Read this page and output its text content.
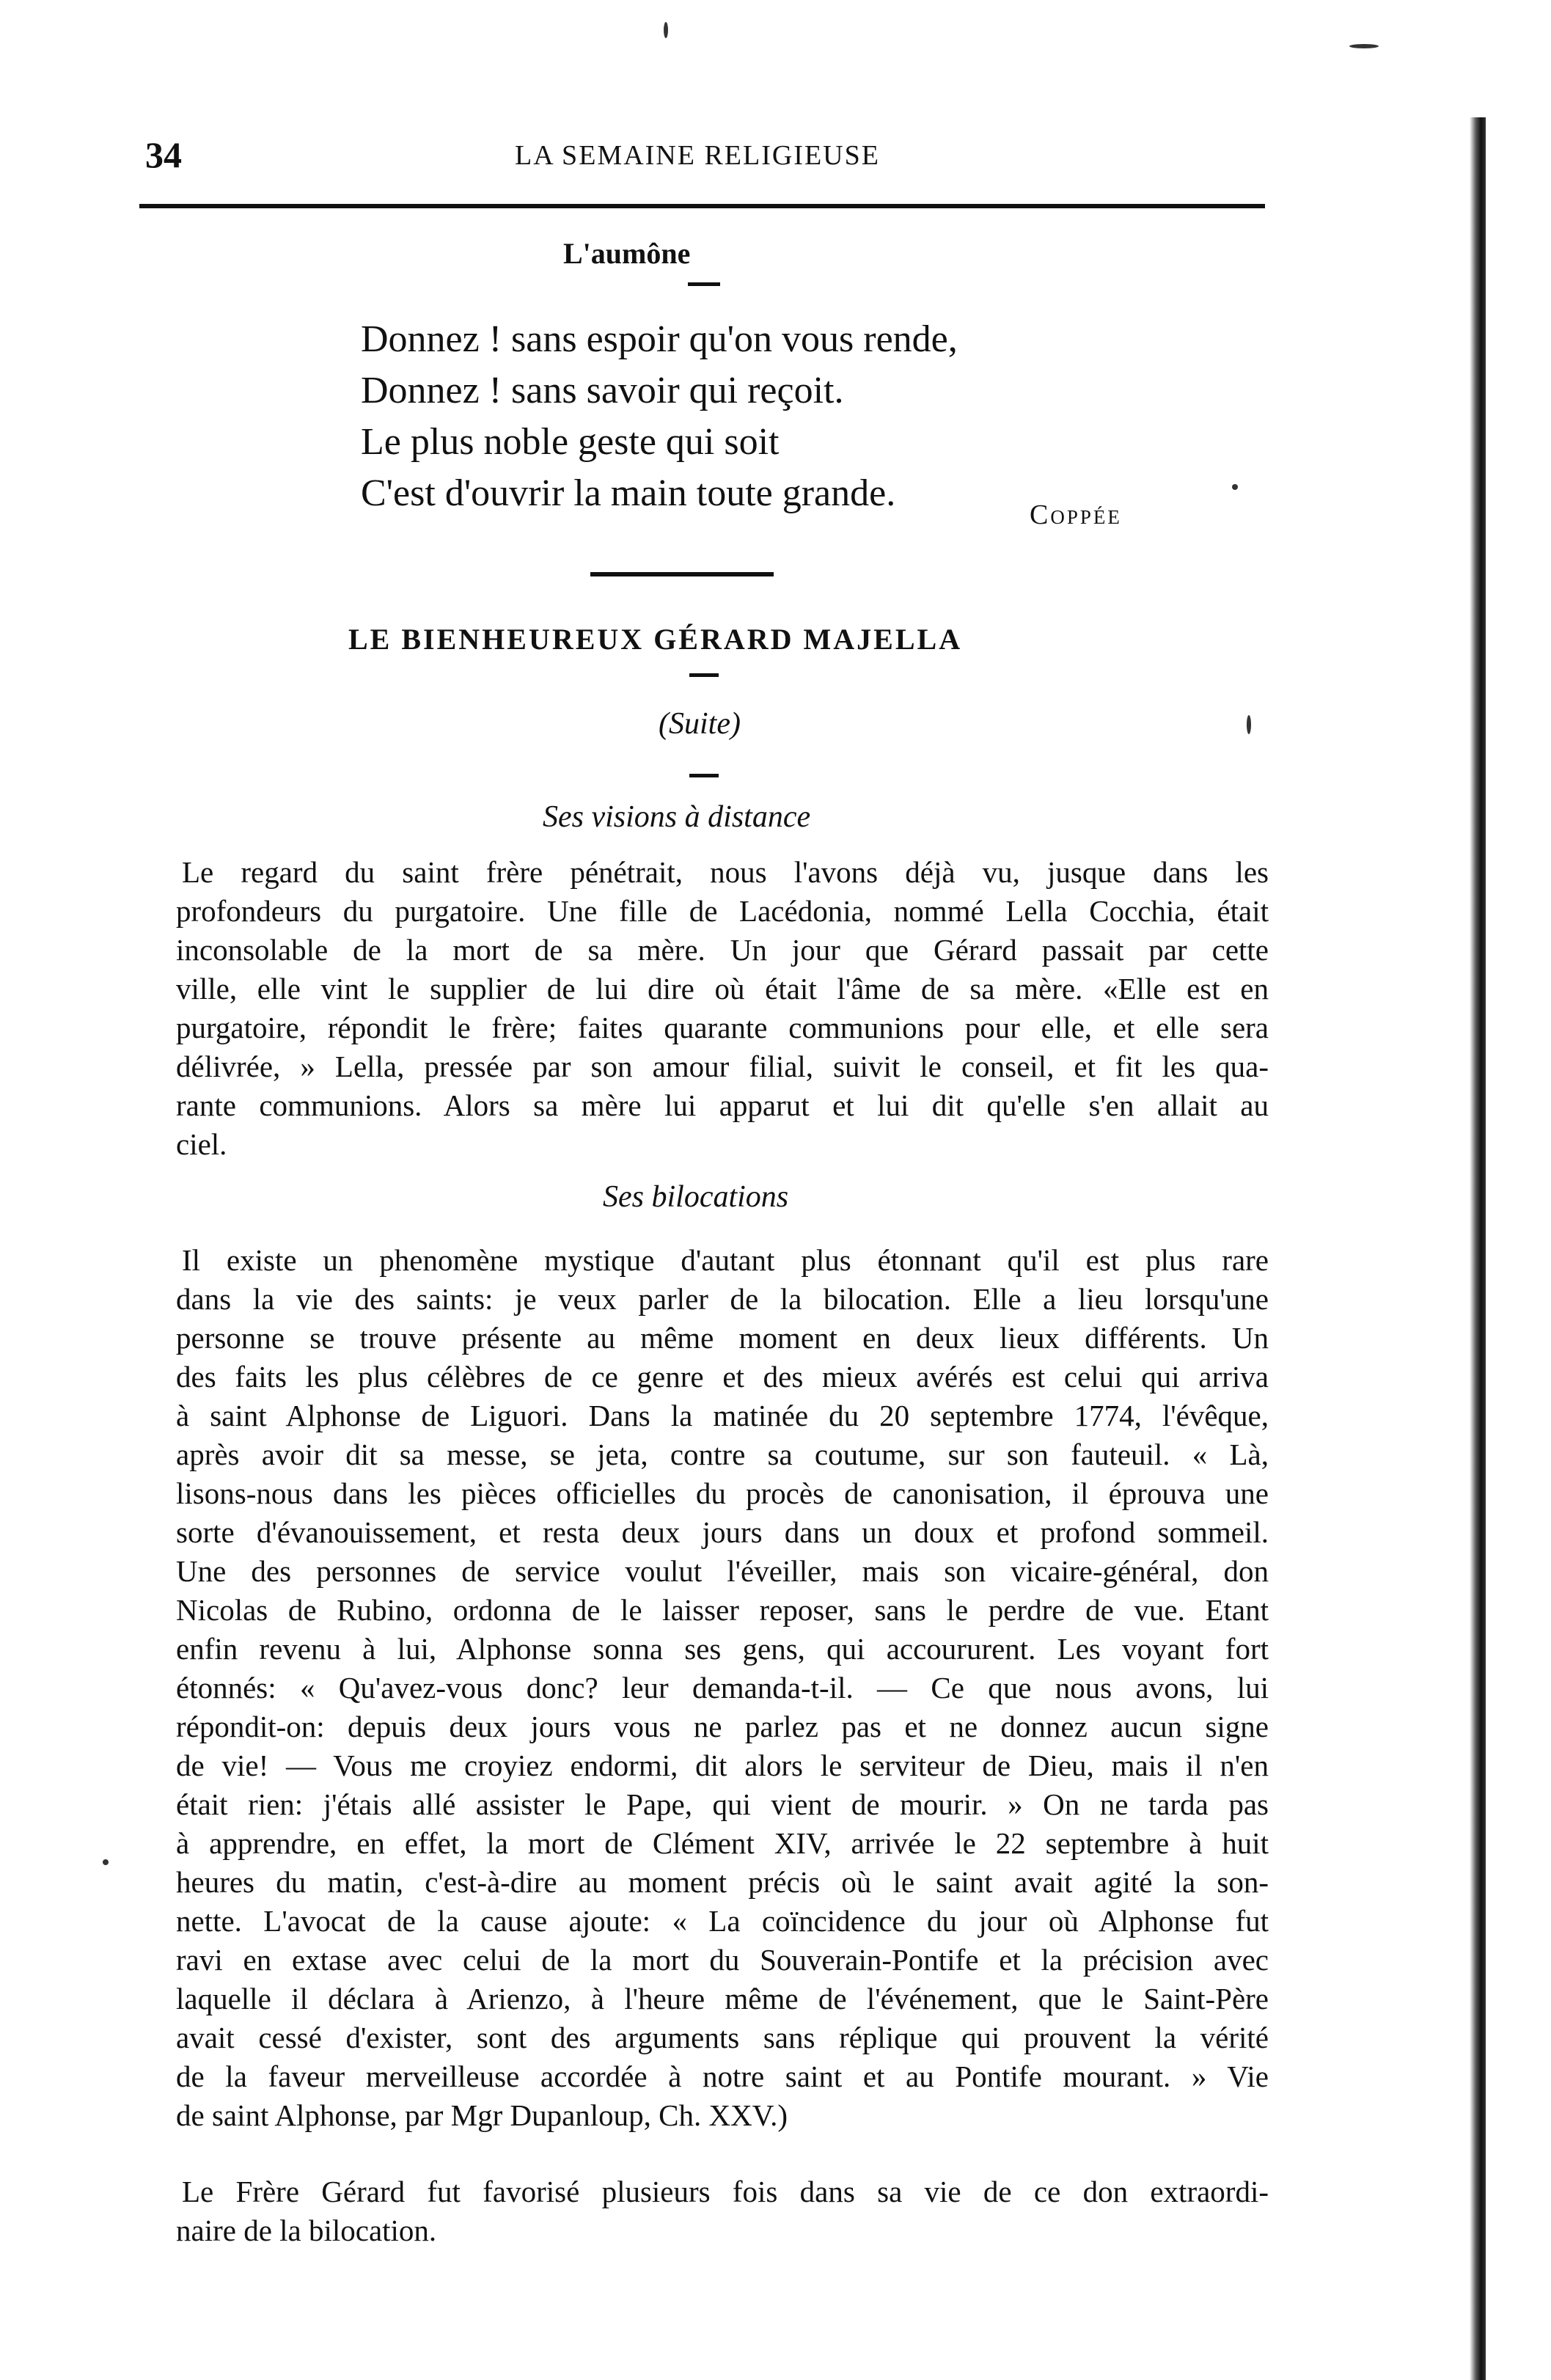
34	LA SEMAINE RELIGIEUSE
L'aumône
Donnez ! sans espoir qu'on vous rende,
Donnez ! sans savoir qui reçoit.
Le plus noble geste qui soit
C'est d'ouvrir la main toute grande.
Coppée
LE BIENHEUREUX GÉRARD MAJELLA
(Suite)
Ses visions à distance
Le regard du saint frère pénétrait, nous l'avons déjà vu, jusque dans les
profondeurs du purgatoire. Une fille de Lacédonia, nommé Lella Cocchia, était
inconsolable de la mort de sa mère. Un jour que Gérard passait par cette
ville, elle vint le supplier de lui dire où était l'âme de sa mère. «Elle est en
purgatoire, répondit le frère; faites quarante communions pour elle, et elle sera
délivrée, » Lella, pressée par son amour filial, suivit le conseil, et fit les qua-
rante communions. Alors sa mère lui apparut et lui dit qu'elle s'en allait au
ciel.
Ses bilocations
Il existe un phenomène mystique d'autant plus étonnant qu'il est plus rare
dans la vie des saints: je veux parler de la bilocation. Elle a lieu lorsqu'une
personne se trouve présente au même moment en deux lieux différents. Un
des faits les plus célèbres de ce genre et des mieux avérés est celui qui arriva
à saint Alphonse de Liguori. Dans la matinée du 20 septembre 1774, l'évêque,
après avoir dit sa messe, se jeta, contre sa coutume, sur son fauteuil. « Là,
lisons-nous dans les pièces officielles du procès de canonisation, il éprouva une
sorte d'évanouissement, et resta deux jours dans un doux et profond sommeil.
Une des personnes de service voulut l'éveiller, mais son vicaire-général, don
Nicolas de Rubino, ordonna de le laisser reposer, sans le perdre de vue. Etant
enfin revenu à lui, Alphonse sonna ses gens, qui accoururent. Les voyant fort
étonnés: « Qu'avez-vous donc? leur demanda-t-il. — Ce que nous avons, lui
répondit-on: depuis deux jours vous ne parlez pas et ne donnez aucun signe
de vie! — Vous me croyiez endormi, dit alors le serviteur de Dieu, mais il n'en
était rien: j'étais allé assister le Pape, qui vient de mourir. » On ne tarda pas
à apprendre, en effet, la mort de Clément XIV, arrivée le 22 septembre à huit
heures du matin, c'est-à-dire au moment précis où le saint avait agité la son-
nette. L'avocat de la cause ajoute: « La coïncidence du jour où Alphonse fut
ravi en extase avec celui de la mort du Souverain-Pontife et la précision avec
laquelle il déclara à Arienzo, à l'heure même de l'événement, que le Saint-Père
avait cessé d'exister, sont des arguments sans réplique qui prouvent la vérité
de la faveur merveilleuse accordée à notre saint et au Pontife mourant. » Vie
de saint Alphonse, par Mgr Dupanloup, Ch. XXV.)
Le Frère Gérard fut favorisé plusieurs fois dans sa vie de ce don extraordi-
naire de la bilocation.
